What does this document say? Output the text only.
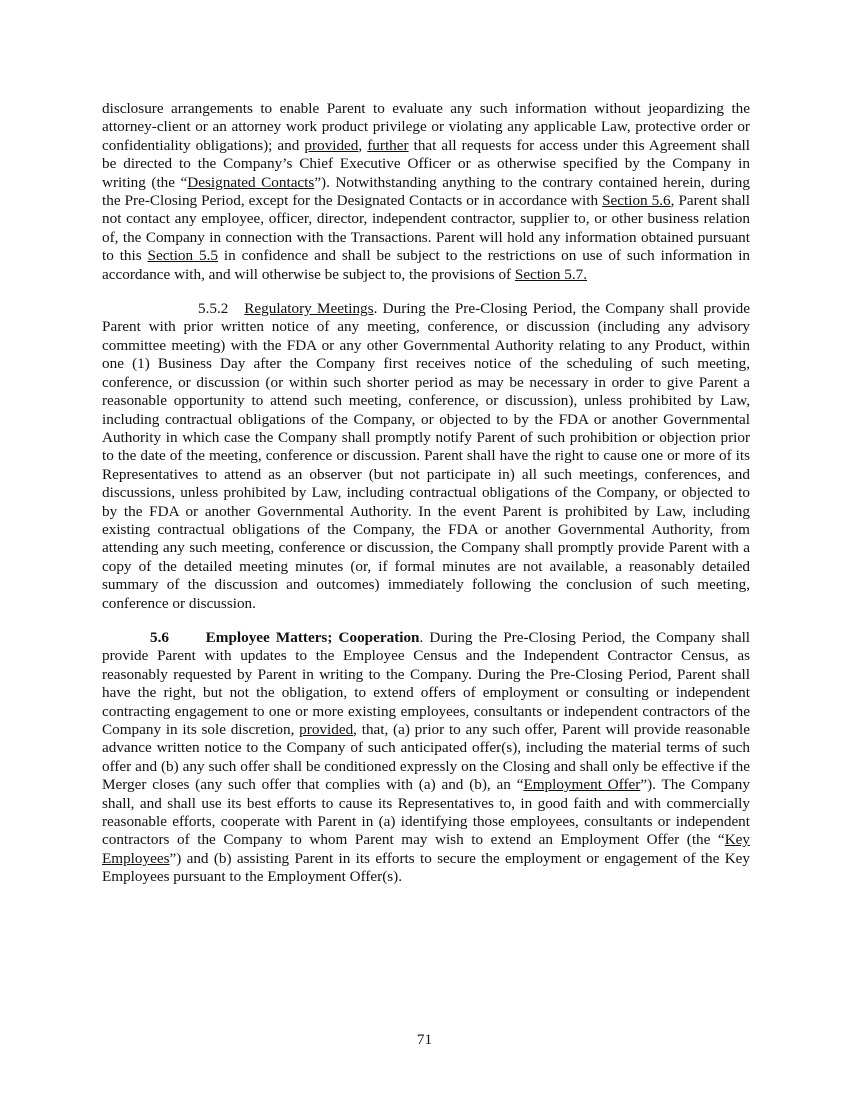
disclosure arrangements to enable Parent to evaluate any such information without jeopardizing the attorney-client or an attorney work product privilege or violating any applicable Law, protective order or confidentiality obligations); and provided, further that all requests for access under this Agreement shall be directed to the Company’s Chief Executive Officer or as otherwise specified by the Company in writing (the “Designated Contacts”). Notwithstanding anything to the contrary contained herein, during the Pre-Closing Period, except for the Designated Contacts or in accordance with Section 5.6, Parent shall not contact any employee, officer, director, independent contractor, supplier to, or other business relation of, the Company in connection with the Transactions. Parent will hold any information obtained pursuant to this Section 5.5 in confidence and shall be subject to the restrictions on use of such information in accordance with, and will otherwise be subject to, the provisions of Section 5.7.

5.5.2 Regulatory Meetings. During the Pre-Closing Period, the Company shall provide Parent with prior written notice of any meeting, conference, or discussion (including any advisory committee meeting) with the FDA or any other Governmental Authority relating to any Product, within one (1) Business Day after the Company first receives notice of the scheduling of such meeting, conference, or discussion (or within such shorter period as may be necessary in order to give Parent a reasonable opportunity to attend such meeting, conference, or discussion), unless prohibited by Law, including contractual obligations of the Company, or objected to by the FDA or another Governmental Authority in which case the Company shall promptly notify Parent of such prohibition or objection prior to the date of the meeting, conference or discussion. Parent shall have the right to cause one or more of its Representatives to attend as an observer (but not participate in) all such meetings, conferences, and discussions, unless prohibited by Law, including contractual obligations of the Company, or objected to by the FDA or another Governmental Authority. In the event Parent is prohibited by Law, including existing contractual obligations of the Company, the FDA or another Governmental Authority, from attending any such meeting, conference or discussion, the Company shall promptly provide Parent with a copy of the detailed meeting minutes (or, if formal minutes are not available, a reasonably detailed summary of the discussion and outcomes) immediately following the conclusion of such meeting, conference or discussion.

5.6 Employee Matters; Cooperation. During the Pre-Closing Period, the Company shall provide Parent with updates to the Employee Census and the Independent Contractor Census, as reasonably requested by Parent in writing to the Company. During the Pre-Closing Period, Parent shall have the right, but not the obligation, to extend offers of employment or consulting or independent contracting engagement to one or more existing employees, consultants or independent contractors of the Company in its sole discretion, provided, that, (a) prior to any such offer, Parent will provide reasonable advance written notice to the Company of such anticipated offer(s), including the material terms of such offer and (b) any such offer shall be conditioned expressly on the Closing and shall only be effective if the Merger closes (any such offer that complies with (a) and (b), an “Employment Offer”). The Company shall, and shall use its best efforts to cause its Representatives to, in good faith and with commercially reasonable efforts, cooperate with Parent in (a) identifying those employees, consultants or independent contractors of the Company to whom Parent may wish to extend an Employment Offer (the “Key Employees”) and (b) assisting Parent in its efforts to secure the employment or engagement of the Key Employees pursuant to the Employment Offer(s).

71
